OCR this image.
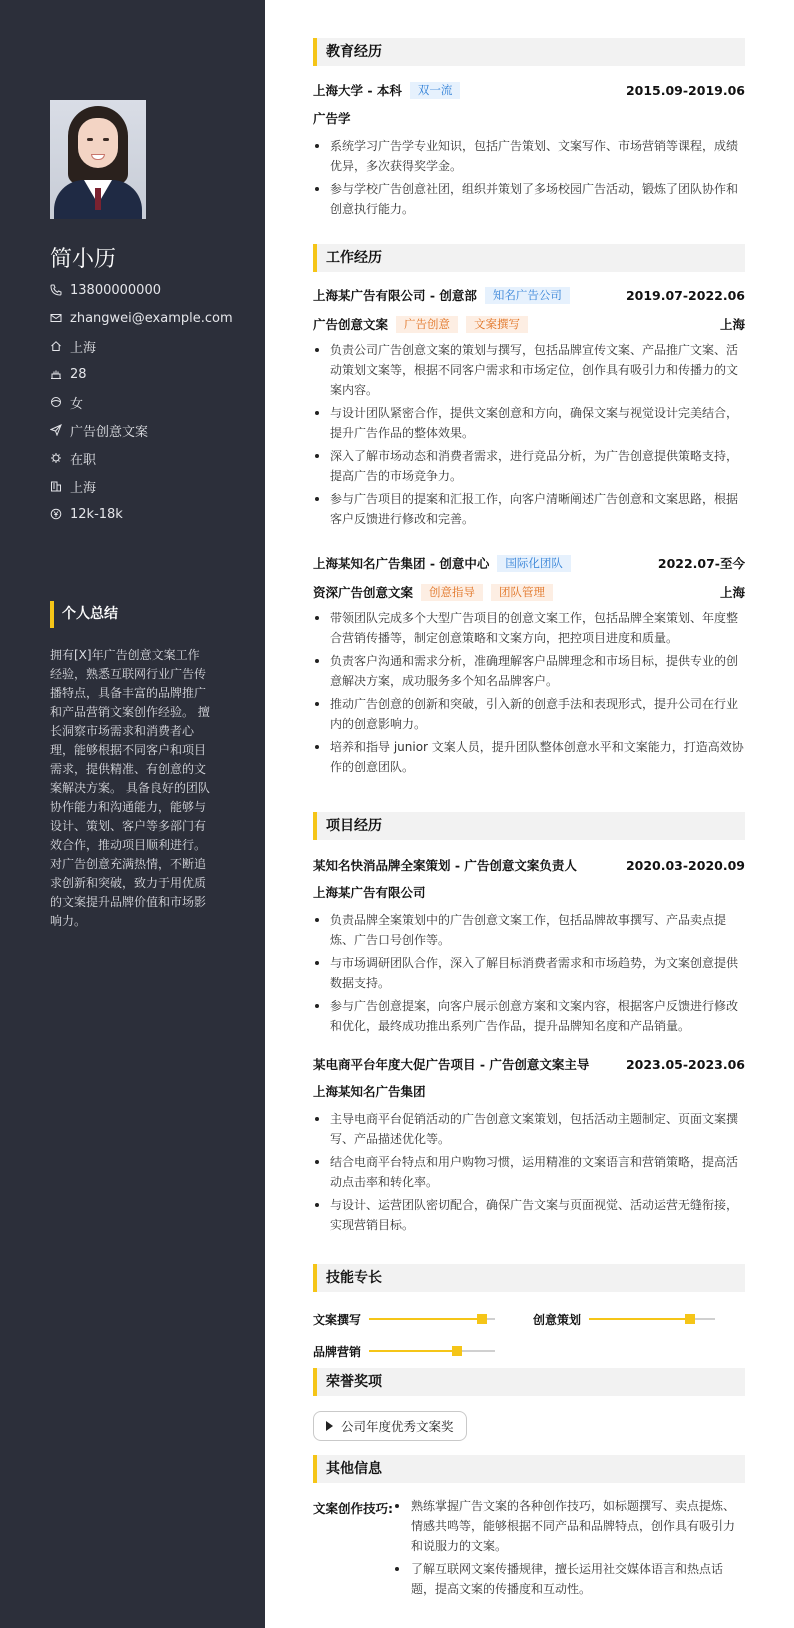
简小历
13800000000
zhangwei@example.com
上海
28
女
广告创意文案
在职
上海
12k-18k
个人总结
拥有[X]年广告创意文案工作经验，熟悉互联网行业广告传播特点，具备丰富的品牌推广和产品营销文案创作经验。 擅长洞察市场需求和消费者心理，能够根据不同客户和项目需求，提供精准、有创意的文案解决方案。 具备良好的团队协作能力和沟通能力，能够与设计、策划、客户等多部门有效合作，推动项目顺利进行。 对广告创意充满热情，不断追求创新和突破，致力于用优质的文案提升品牌价值和市场影响力。
教育经历
上海大学 - 本科	双一流	2015.09-2019.06
广告学
系统学习广告学专业知识，包括广告策划、文案写作、市场营销等课程，成绩优异，多次获得奖学金。
参与学校广告创意社团，组织并策划了多场校园广告活动，锻炼了团队协作和创意执行能力。
工作经历
上海某广告有限公司 - 创意部	知名广告公司	2019.07-2022.06
广告创意文案	广告创意	文案撰写	上海
负责公司广告创意文案的策划与撰写，包括品牌宣传文案、产品推广文案、活动策划文案等，根据不同客户需求和市场定位，创作具有吸引力和传播力的文案内容。
与设计团队紧密合作，提供文案创意和方向，确保文案与视觉设计完美结合，提升广告作品的整体效果。
深入了解市场动态和消费者需求，进行竞品分析，为广告创意提供策略支持，提高广告的市场竞争力。
参与广告项目的提案和汇报工作，向客户清晰阐述广告创意和文案思路，根据客户反馈进行修改和完善。
上海某知名广告集团 - 创意中心	国际化团队	2022.07-至今
资深广告创意文案	创意指导	团队管理	上海
带领团队完成多个大型广告项目的创意文案工作，包括品牌全案策划、年度整合营销传播等，制定创意策略和文案方向，把控项目进度和质量。
负责客户沟通和需求分析，准确理解客户品牌理念和市场目标，提供专业的创意解决方案，成功服务多个知名品牌客户。
推动广告创意的创新和突破，引入新的创意手法和表现形式，提升公司在行业内的创意影响力。
培养和指导 junior 文案人员，提升团队整体创意水平和文案能力，打造高效协作的创意团队。
项目经历
某知名快消品牌全案策划 - 广告创意文案负责人	2020.03-2020.09
上海某广告有限公司
负责品牌全案策划中的广告创意文案工作，包括品牌故事撰写、产品卖点提炼、广告口号创作等。
与市场调研团队合作，深入了解目标消费者需求和市场趋势，为文案创意提供数据支持。
参与广告创意提案，向客户展示创意方案和文案内容，根据客户反馈进行修改和优化，最终成功推出系列广告作品，提升品牌知名度和产品销量。
某电商平台年度大促广告项目 - 广告创意文案主导	2023.05-2023.06
上海某知名广告集团
主导电商平台促销活动的广告创意文案策划，包括活动主题制定、页面文案撰写、产品描述优化等。
结合电商平台特点和用户购物习惯，运用精准的文案语言和营销策略，提高活动点击率和转化率。
与设计、运营团队密切配合，确保广告文案与页面视觉、活动运营无缝衔接，实现营销目标。
技能专长
文案撰写	创意策划
品牌营销
荣誉奖项
公司年度优秀文案奖
其他信息
文案创作技巧:	熟练掌握广告文案的各种创作技巧，如标题撰写、卖点提炼、情感共鸣等，能够根据不同产品和品牌特点，创作具有吸引力和说服力的文案。
了解互联网文案传播规律，擅长运用社交媒体语言和热点话题，提高文案的传播度和互动性。
